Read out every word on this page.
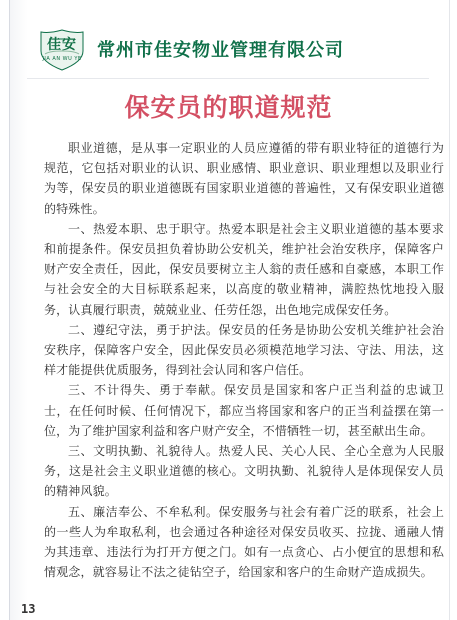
佳安
JIA AN WU YE 常州市佳安物业管理有限公司
保安员的职道规范

职业道德，是从事一定职业的人员应遵循的带有职业特征的道德行为规范，它包括对职业的认识、职业感情、职业意识、职业理想以及职业行为等，保安员的职业道德既有国家职业道德的普遍性，又有保安职业道德的特殊性。

一、热爱本职、忠于职守。热爱本职是社会主义职业道德的基本要求和前提条件。保安员担负着协助公安机关，维护社会治安秩序，保障客户财产安全责任，因此，保安员要树立主人翁的责任感和自豪感，本职工作与社会安全的大目标联系起来，以高度的敬业精神，满腔热忱地投入服务，认真履行职责，兢兢业业、任劳任怨，出色地完成保安任务。

二、遵纪守法，勇于护法。保安员的任务是协助公安机关维护社会治安秩序，保障客户安全，因此保安员必须模范地学习法、守法、用法，这样才能提供优质服务，得到社会认同和客户信任。

三、不计得失、勇于奉献。保安员是国家和客户正当利益的忠诚卫士，在任何时候、任何情况下，都应当将国家和客户的正当利益摆在第一位，为了维护国家利益和客户财产安全，不惜牺牲一切，甚至献出生命。

三、文明执勤、礼貌待人。热爱人民、关心人民、全心全意为人民服务，这是社会主义职业道德的核心。文明执勤、礼貌待人是体现保安人员的精神风貌。

五、廉洁奉公、不牟私利。保安服务与社会有着广泛的联系，社会上的一些人为牟取私利，也会通过各种途径对保安员收买、拉拢、通融人情为其违章、违法行为打开方便之门。如有一点贪心、占小便宜的思想和私情观念，就容易让不法之徒钻空子，给国家和客户的生命财产造成损失。

13
